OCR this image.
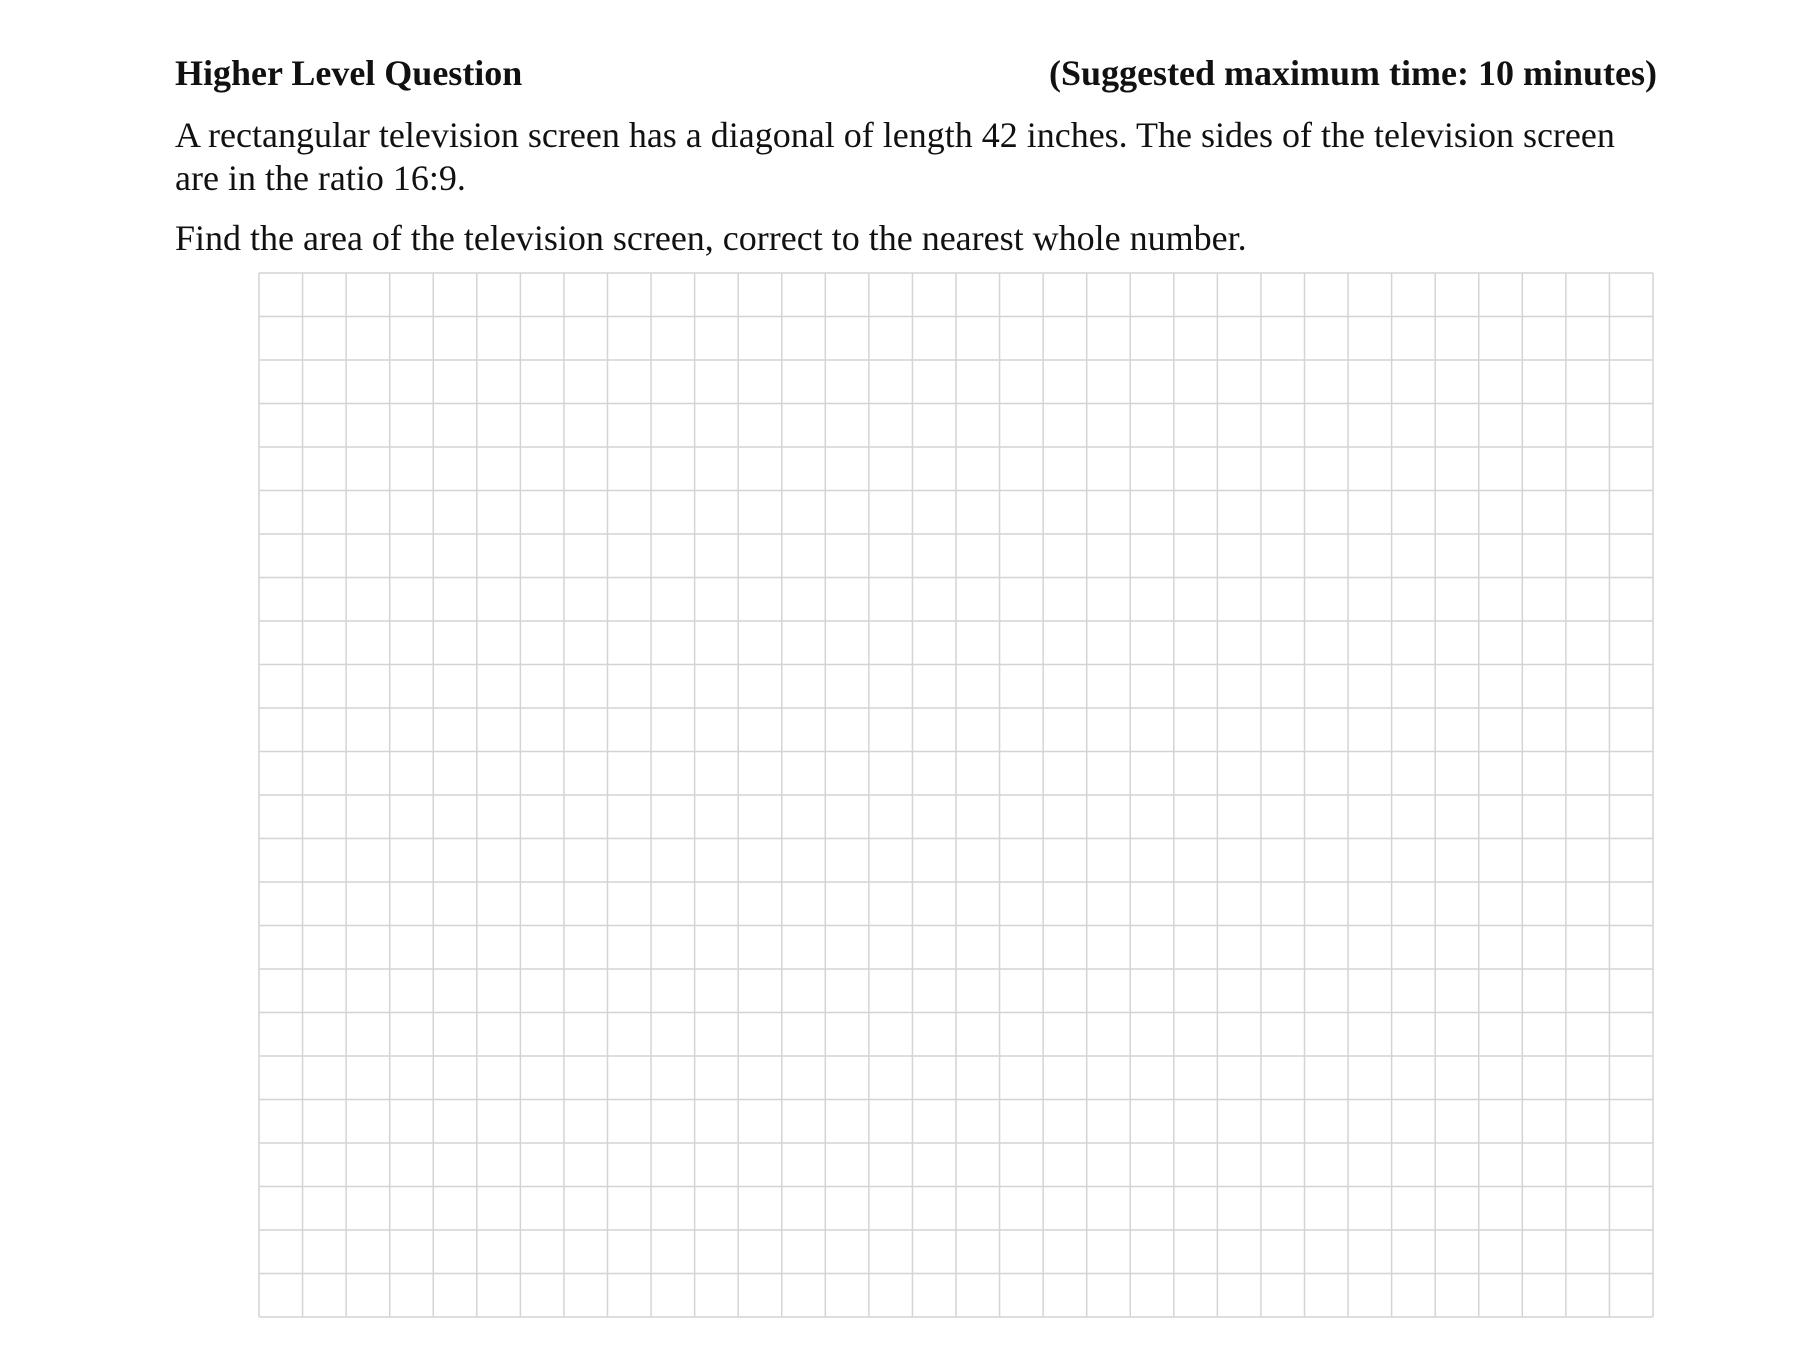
Higher Level Question	(Suggested maximum time: 10 minutes)

A rectangular television screen has a diagonal of length 42 inches. The sides of the television screen are in the ratio 16:9.

Find the area of the television screen, correct to the nearest whole number.
